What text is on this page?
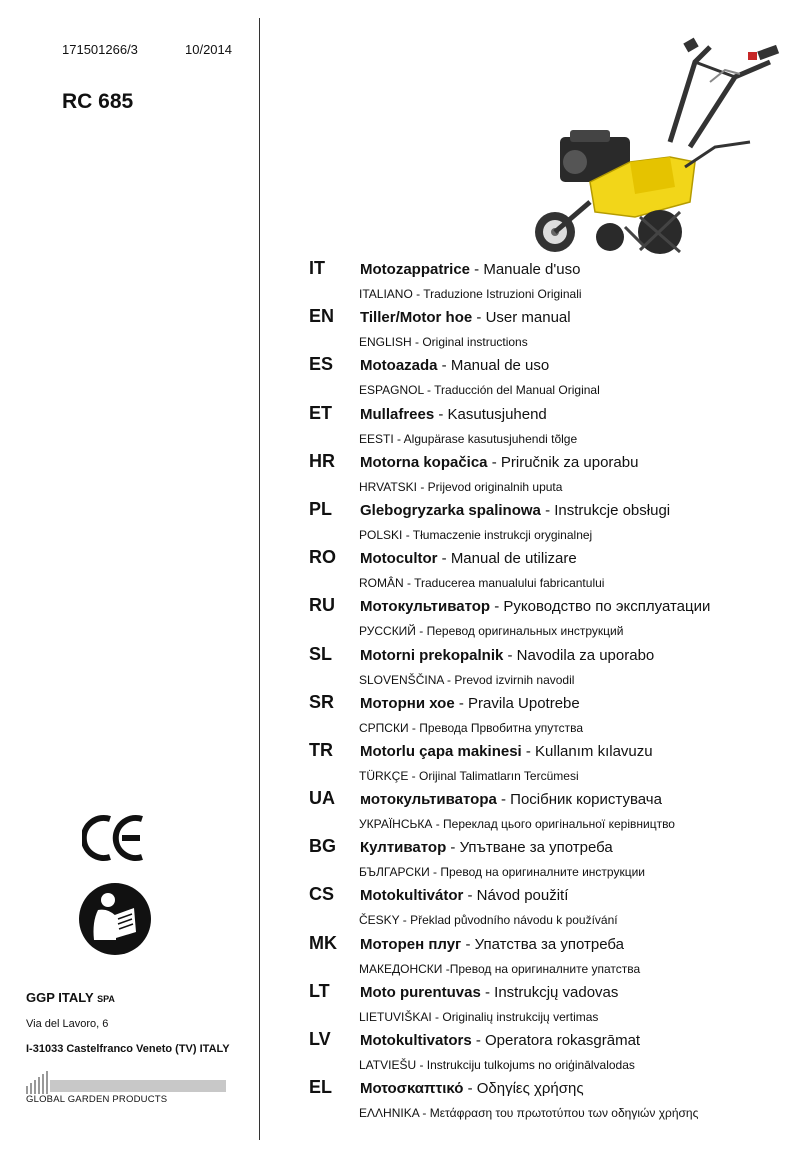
171501266/3	10/2014
RC 685
IT Motozappatrice - Manuale d'uso
ITALIANO - Traduzione Istruzioni Originali
EN Tiller/Motor hoe - User manual
ENGLISH - Original instructions
ES Motoazada - Manual de uso
ESPAGNOL - Traducción del Manual Original
ET Mullafrees - Kasutusjuhend
EESTI - Algupärase kasutusjuhendi tõlge
HR Motorna kopačica - Priručnik za uporabu
HRVATSKI - Prijevod originalnih uputa
PL Glebogryzarka spalinowa - Instrukcje obsługi
POLSKI - Tłumaczenie instrukcji oryginalnej
RO Motocultor - Manual de utilizare
ROMÂN - Traducerea manualului fabricantului
RU Мотокультиватор - Руководство по эксплуатации
РУССКИЙ - Перевод оригинальных инструкций
SL Motorni prekopalnik - Navodila za uporabo
SLOVENŠČINA - Prevod izvirnih navodil
SR Моторни хое - Pravila Upotrebe
СРПСКИ - Превода Првобитна упутства
TR Motorlu çapa makinesi - Kullanım kılavuzu
TÜRKÇE - Orijinal Talimatların Tercümesi
UA мотокультиватора - Посібник користувача
УКРАЇНСЬКА - Переклад цього оригінальної керівництво
BG Култиватор - Упътване за употреба
БЪЛГАРСКИ - Превод на оригиналните инструкции
CS Motokultivátor - Návod použití
ČESKY - Překlad původního návodu k používání
MK Моторен плуг - Упатства за употреба
МАКЕДОНСКИ -Превод на оригиналните упатства
LT Moto purentuvas - Instrukcjų vadovas
LIETUVIŠKAI - Originalių instrukcijų vertimas
LV Motokultivators - Operatora rokasgrāmat
LATVIEŠU - Instrukciju tulkojums no oriģinālvalodas
EL Μοτοσκαπτικό - Οδηγίες χρήσης
ΕΛΛΗΝΙΚΑ - Μετάφραση του πρωτοτύπου των οδηγιών χρήσης
GGP ITALY SPA
Via del Lavoro, 6
I-31033 Castelfranco Veneto (TV) ITALY
GLOBAL GARDEN PRODUCTS
